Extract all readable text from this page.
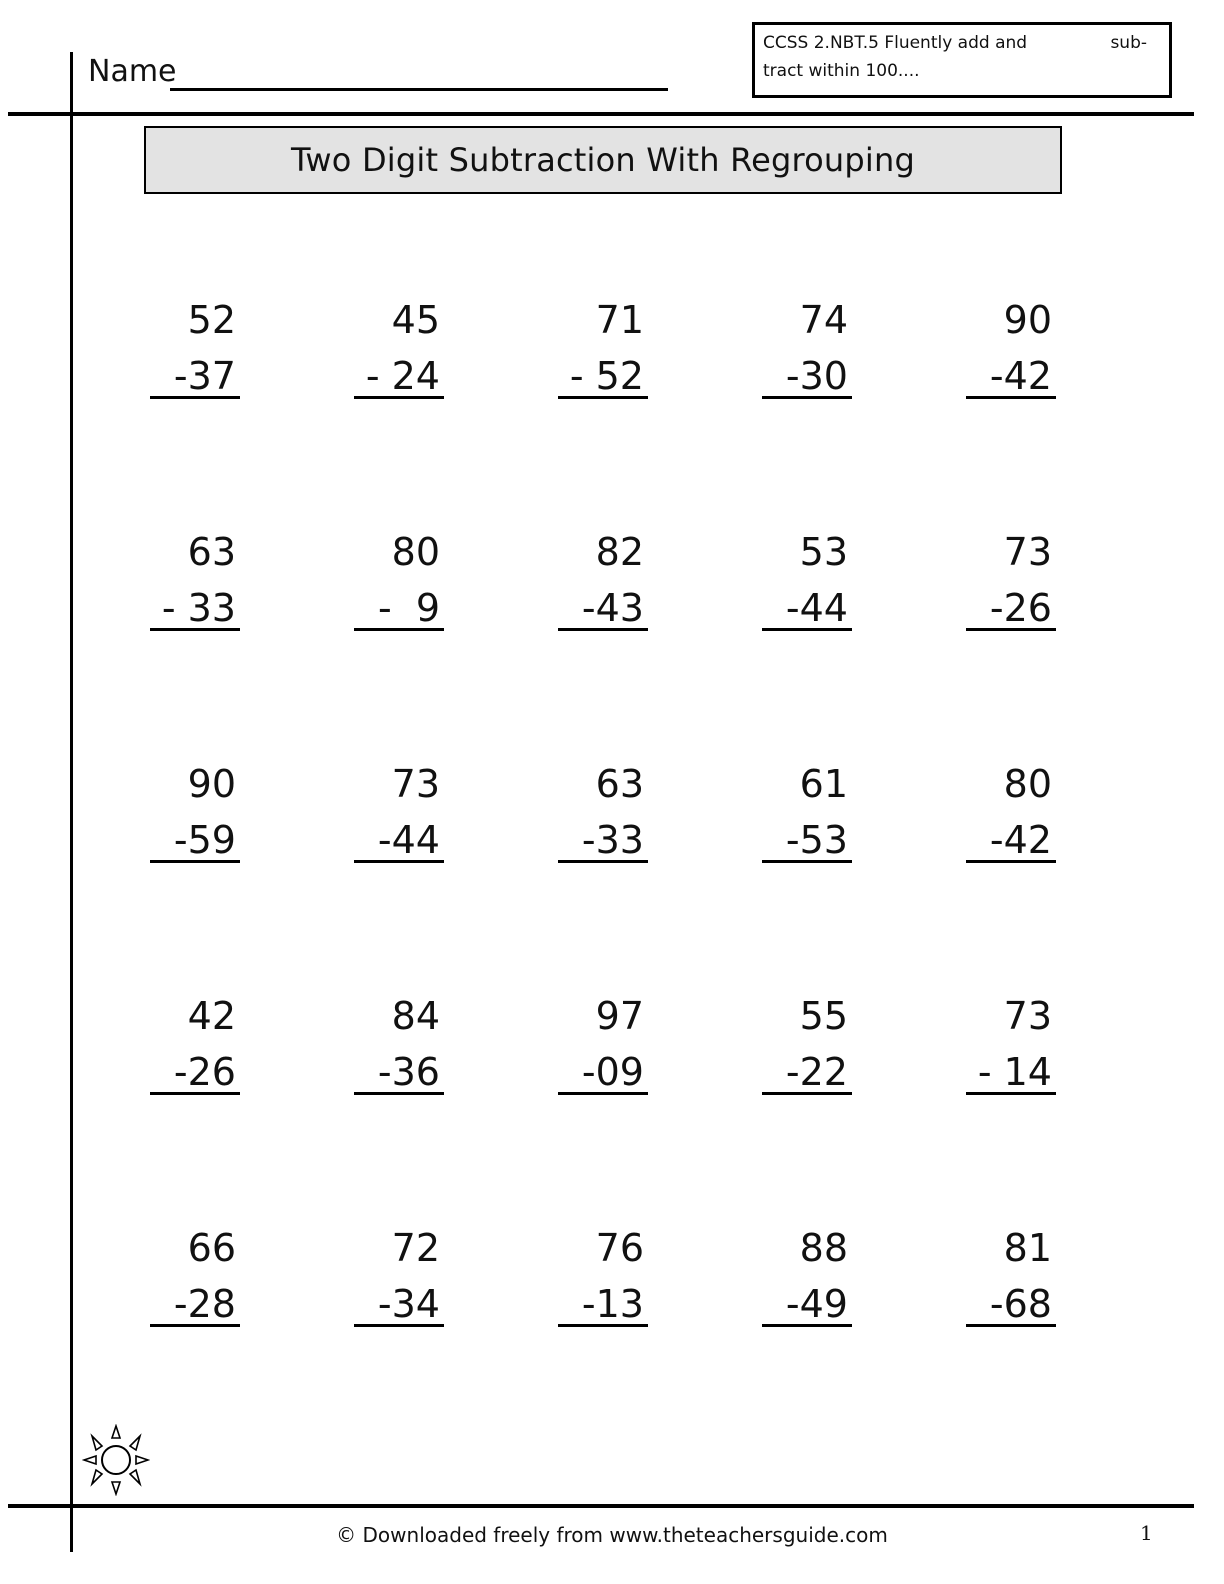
Name
CCSS 2.NBT.5 Fluently add and	sub-
tract within 100....
Two Digit Subtraction With Regrouping
52
-37
45
- 24
71
- 52
74
-30
90
-42
63
- 33
80
-  9
82
-43
53
-44
73
-26
90
-59
73
-44
63
-33
61
-53
80
-42
42
-26
84
-36
97
-09
55
-22
73
- 14
66
-28
72
-34
76
-13
88
-49
81
-68
© Downloaded freely from www.theteachersguide.com	1
